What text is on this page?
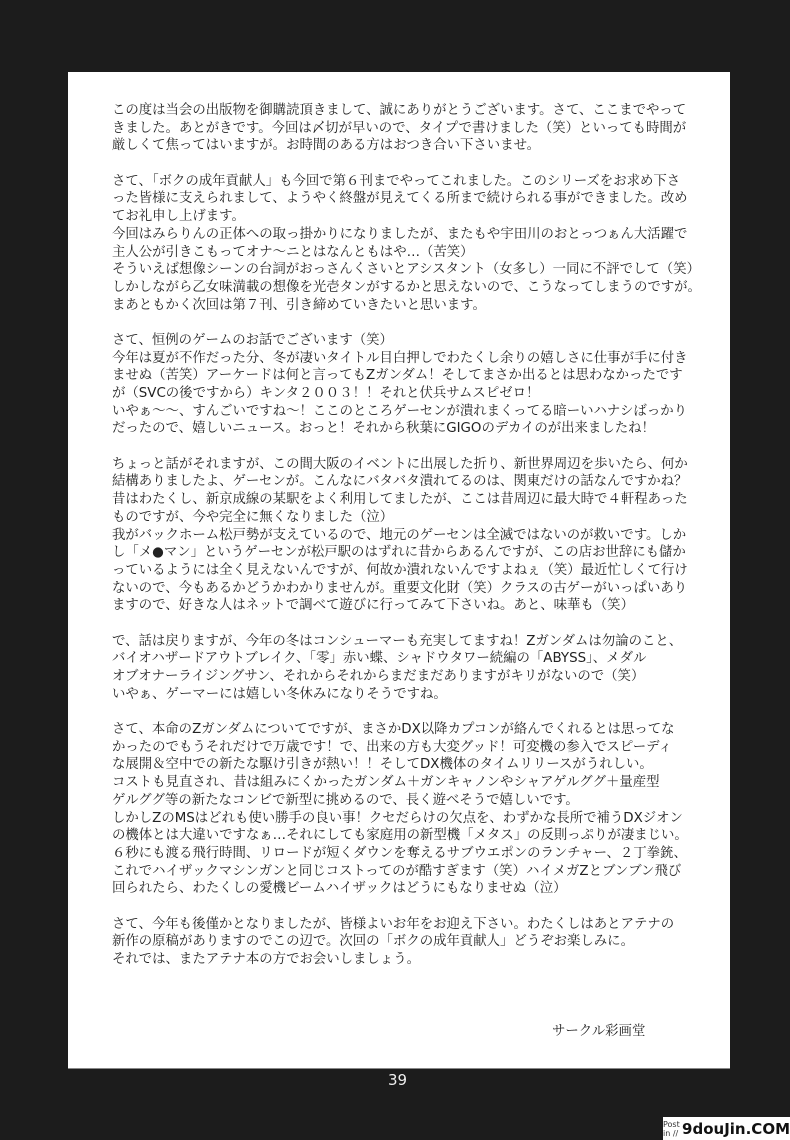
この度は当会の出版物を御購読頂きまして、誠にありがとうございます。さて、ここまでやって
きました。あとがきです。今回は〆切が早いので、タイプで書けました（笑）といっても時間が
厳しくて焦ってはいますが。お時間のある方はおつき合い下さいませ。
さて、「ボクの成年貢献人」も今回で第６刊までやってこれました。このシリーズをお求め下さ
った皆様に支えられまして、ようやく終盤が見えてくる所まで続けられる事ができました。改め
てお礼申し上げます。
今回はみらりんの正体への取っ掛かりになりましたが、またもや宇田川のおとっつぁん大活躍で
主人公が引きこもってオナ〜ニとはなんともはや…（苦笑）
そういえば想像シーンの台詞がおっさんくさいとアシスタント（女多し）一同に不評でして（笑）
しかしながら乙女味満載の想像を光壱タンがするかと思えないので、こうなってしまうのですが。
まあともかく次回は第７刊、引き締めていきたいと思います。
さて、恒例のゲームのお話でございます（笑）
今年は夏が不作だった分、冬が凄いタイトル目白押しでわたくし余りの嬉しさに仕事が手に付き
ませぬ（苦笑）アーケードは何と言ってもZガンダム！そしてまさか出るとは思わなかったです
が（SVCの後ですから）キンタ２００３！！それと伏兵サムスピゼロ！
いやぁ〜〜、すんごいですね〜！ここのところゲーセンが潰れまくってる暗ーいハナシばっかり
だったので、嬉しいニュース。おっと！それから秋葉にGIGOのデカイのが出来ましたね！
ちょっと話がそれますが、この間大阪のイベントに出展した折り、新世界周辺を歩いたら、何か
結構ありましたよ、ゲーセンが。こんなにバタバタ潰れてるのは、関東だけの話なんですかね？
昔はわたくし、新京成線の某駅をよく利用してましたが、ここは昔周辺に最大時で４軒程あった
ものですが、今や完全に無くなりました（泣）
我がバックホーム松戸勢が支えているので、地元のゲーセンは全滅ではないのが救いです。しか
し「メ●マン」というゲーセンが松戸駅のはずれに昔からあるんですが、この店お世辞にも儲か
っているようには全く見えないんですが、何故か潰れないんですよねぇ（笑）最近忙しくて行け
ないので、今もあるかどうかわかりませんが。重要文化財（笑）クラスの古ゲーがいっぱいあり
ますので、好きな人はネットで調べて遊びに行ってみて下さいね。あと、味華も（笑）
で、話は戻りますが、今年の冬はコンシューマーも充実してますね！Zガンダムは勿論のこと、
バイオハザードアウトブレイク、「零」赤い蝶、シャドウタワー続編の「ABYSS」、メダル
オブオナーライジングサン、それからそれからまだまだありますがキリがないので（笑）
いやぁ、ゲーマーには嬉しい冬休みになりそうですね。
さて、本命のZガンダムについてですが、まさかDX以降カプコンが絡んでくれるとは思ってな
かったのでもうそれだけで万歳です！で、出来の方も大変グッド！可変機の参入でスピーディ
な展開＆空中での新たな駆け引きが熱い！！そしてDX機体のタイムリリースがうれしい。
コストも見直され、昔は組みにくかったガンダム＋ガンキャノンやシャアゲルググ＋量産型
ゲルググ等の新たなコンビで新型に挑めるので、長く遊べそうで嬉しいです。
しかしZのMSはどれも使い勝手の良い事！クセだらけの欠点を、わずかな長所で補うDXジオン
の機体とは大違いですなぁ…それにしても家庭用の新型機「メタス」の反則っぷりが凄まじい。
６秒にも渡る飛行時間、リロードが短くダウンを奪えるサブウエポンのランチャー、２丁拳銃、
これでハイザックマシンガンと同じコストってのが酷すぎます（笑）ハイメガZとブンブン飛び
回られたら、わたくしの愛機ビームハイザックはどうにもなりませぬ（泣）
さて、今年も後僅かとなりましたが、皆様よいお年をお迎え下さい。わたくしはあとアテナの
新作の原稿がありますのでこの辺で。次回の「ボクの成年貢献人」どうぞお楽しみに。
それでは、またアテナ本の方でお会いしましょう。
サークル彩画堂
39
Post in // 9douJin.COM
